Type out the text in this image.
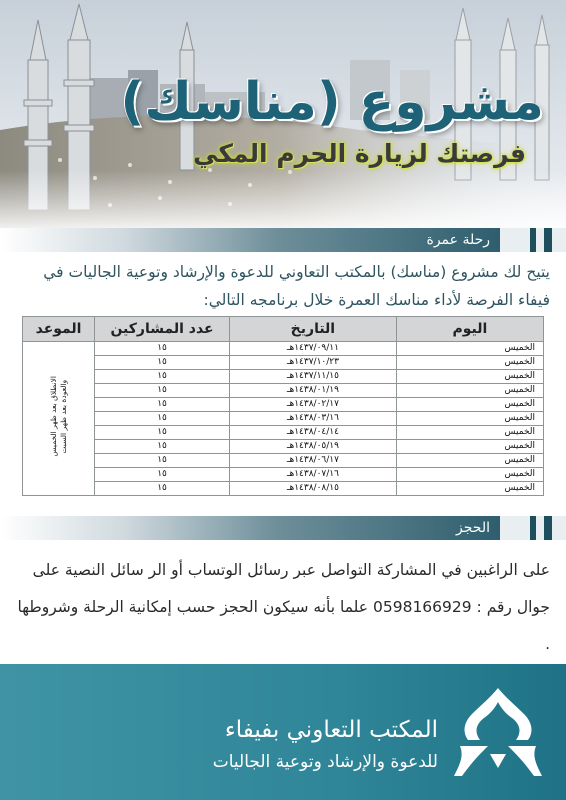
مشروع (مناسك)
فرصتك لزيارة الحرم المكي
رحلة عمرة

يتيح لك مشروع (مناسك) بالمكتب التعاوني للدعوة والإرشاد وتوعية الجاليات في فيفاء الفرصة لأداء مناسك العمرة خلال برنامجه التالي:

اليوم	التاريخ	عدد المشاركين	الموعد
الخميس	١٤٣٧/٠٩/١١هـ	١٥	الانطلاق بعد ظهر الخميس والعودة بعد ظهر السبت

الخميس	١٤٣٧/١٠/٢٣هـ	١٥	
الخميس	١٤٣٧/١١/١٥هـ	١٥	
الخميس	١٤٣٨/٠١/١٩هـ	١٥	
الخميس	١٤٣٨/٠٢/١٧هـ	١٥	
الخميس	١٤٣٨/٠٣/١٦هـ	١٥	
الخميس	١٤٣٨/٠٤/١٤هـ	١٥	
الخميس	١٤٣٨/٠٥/١٩هـ	١٥	
الخميس	١٤٣٨/٠٦/١٧هـ	١٥	
الخميس	١٤٣٨/٠٧/١٦هـ	١٥	
الخميس	١٤٣٨/٠٨/١٥هـ	١٥	
الحجز

على الراغبين في المشاركة التواصل عبر رسائل الوتساب أو الر سائل النصية على جوال رقم : 0598166929 علما بأنه سيكون الحجز حسب إمكانية الرحلة وشروطها .

المكتب التعاوني بفيفاء

للدعوة والإرشاد وتوعية الجاليات
